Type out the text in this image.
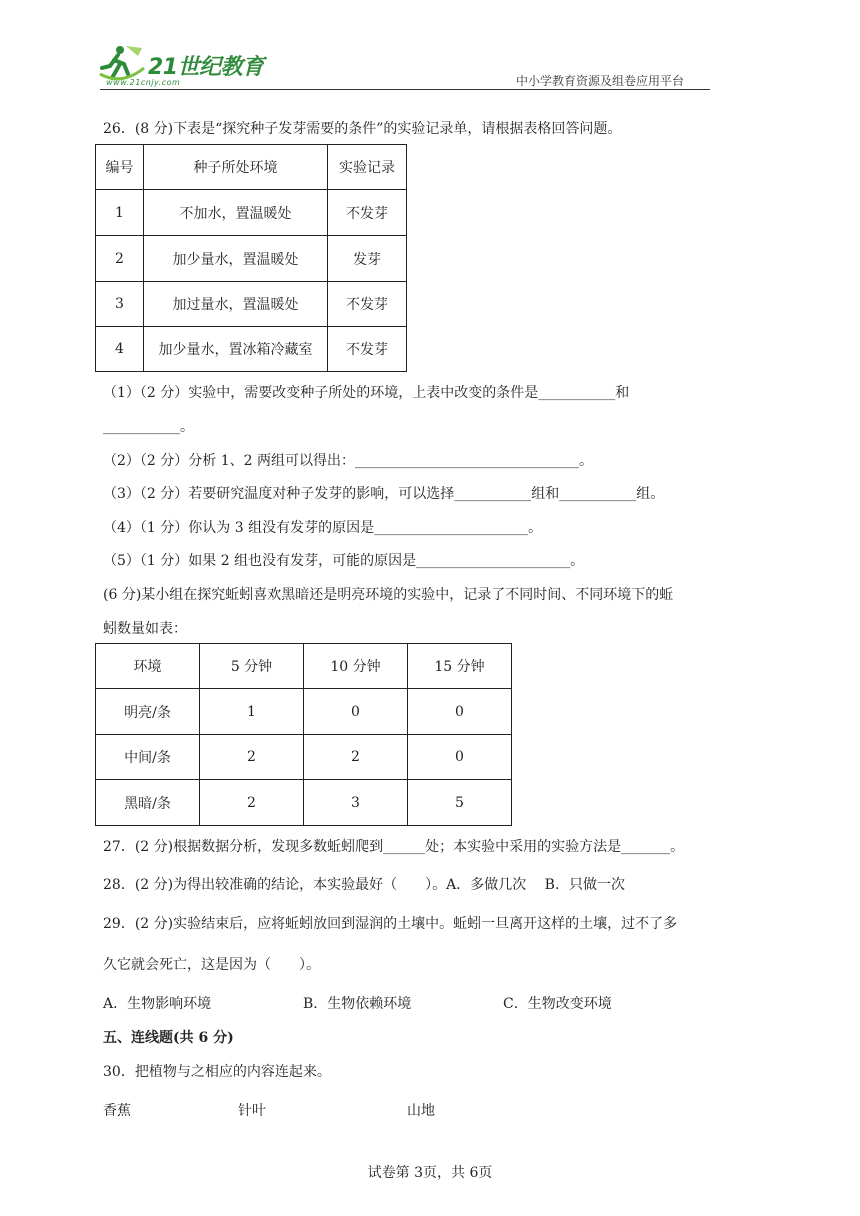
21世纪教育
www.21cnjy.com	中小学教育资源及组卷应用平台
26．(8 分)下表是“探究种子发芽需要的条件”的实验记录单，请根据表格回答问题。
编号	种子所处环境	实验记录
1	不加水，置温暖处	不发芽
2	加少量水，置温暖处	发芽
3	加过量水，置温暖处	不发芽
4	加少量水，置冰箱冷藏室	不发芽
（1）（2 分）实验中，需要改变种子所处的环境，上表中改变的条件是___________和
___________。
（2）（2 分）分析 1、2 两组可以得出：________________________________。
（3）（2 分）若要研究温度对种子发芽的影响，可以选择___________组和___________组。
（4）（1 分）你认为 3 组没有发芽的原因是______________________。
（5）（1 分）如果 2 组也没有发芽，可能的原因是______________________。
(6 分)某小组在探究蚯蚓喜欢黑暗还是明亮环境的实验中，记录了不同时间、不同环境下的蚯
蚓数量如表：
环境	5 分钟	10 分钟	15 分钟
明亮/条	1	0	0
中间/条	2	2	0
黑暗/条	2	3	5
27．(2 分)根据数据分析，发现多数蚯蚓爬到______处；本实验中采用的实验方法是_______。
28．(2 分)为得出较准确的结论，本实验最好（　　）。A．多做几次　 B．只做一次
29．(2 分)实验结束后，应将蚯蚓放回到湿润的土壤中。蚯蚓一旦离开这样的土壤，过不了多
久它就会死亡，这是因为（　　）。
A．生物影响环境	B．生物依赖环境	C．生物改变环境
五、连线题(共 6 分)
30．把植物与之相应的内容连起来。
香蕉	针叶	山地
试卷第 3页，共 6页
